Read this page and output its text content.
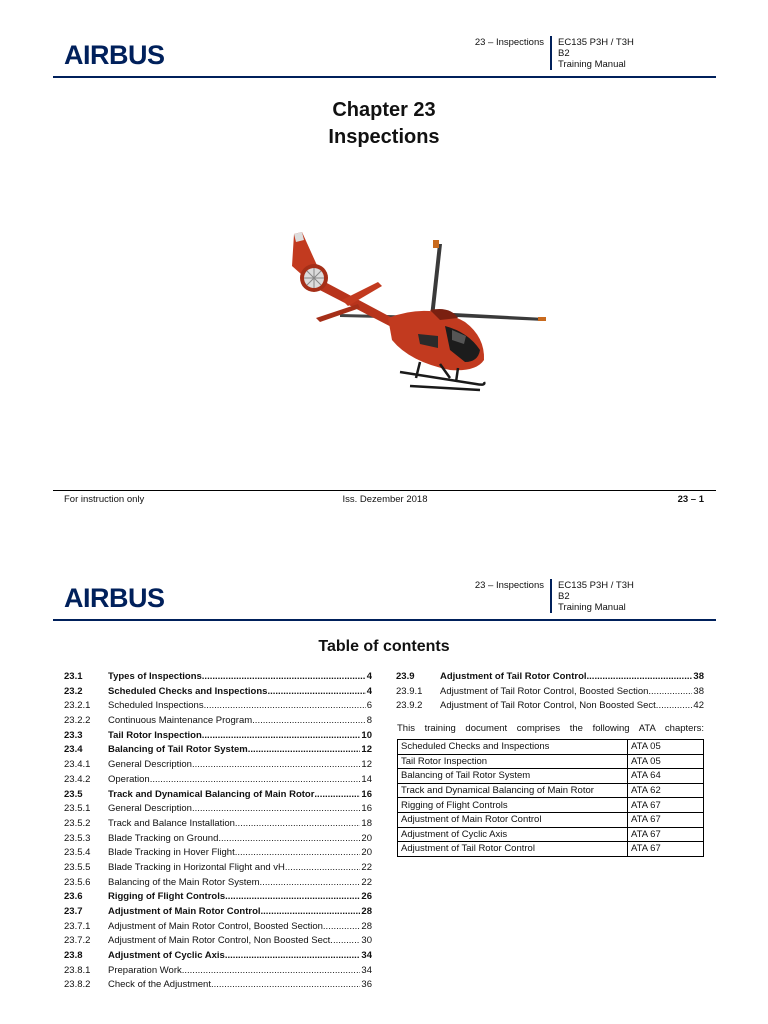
AIRBUS	23 – Inspections EC135 P3H / T3H
B2
Training Manual
Chapter 23
Inspections
For instruction only	Iss. Dezember 2018	23 – 1
AIRBUS	23 – Inspections EC135 P3H / T3H
B2
Training Manual
Table of contents
23.1	Types of Inspections .....	4
23.2	Scheduled Checks and Inspections .....	4
23.2.1	Scheduled Inspections .....	6
23.2.2	Continuous Maintenance Program .....	8
23.3	Tail Rotor Inspection .....	10
23.4	Balancing of Tail Rotor System .....	12
23.4.1	General Description .....	12
23.4.2	Operation .....	14
23.5	Track and Dynamical Balancing of Main Rotor .....	16
23.5.1	General Description .....	16
23.5.2	Track and Balance Installation .....	18
23.5.3	Blade Tracking on Ground .....	20
23.5.4	Blade Tracking in Hover Flight .....	20
23.5.5	Blade Tracking in Horizontal Flight and vH .....	22
23.5.6	Balancing of the Main Rotor System .....	22
23.6	Rigging of Flight Controls .....	26
23.7	Adjustment of Main Rotor Control .....	28
23.7.1	Adjustment of Main Rotor Control, Boosted Section .....	28
23.7.2	Adjustment of Main Rotor Control, Non Boosted Sect. .....	30
23.8	Adjustment of Cyclic Axis .....	34
23.8.1	Preparation Work .....	34
23.8.2	Check of the Adjustment .....	36
23.9	Adjustment of Tail Rotor Control .....	38
23.9.1	Adjustment of Tail Rotor Control, Boosted Section .....	38
23.9.2	Adjustment of Tail Rotor Control, Non Boosted Sect. .....	42
This training document comprises the following ATA chapters:
Scheduled Checks and Inspections	ATA 05
Tail Rotor Inspection	ATA 05
Balancing of Tail Rotor System	ATA 64
Track and Dynamical Balancing of Main Rotor	ATA 62
Rigging of Flight Controls	ATA 67
Adjustment of Main Rotor Control	ATA 67
Adjustment of Cyclic Axis	ATA 67
Adjustment of Tail Rotor Control	ATA 67
